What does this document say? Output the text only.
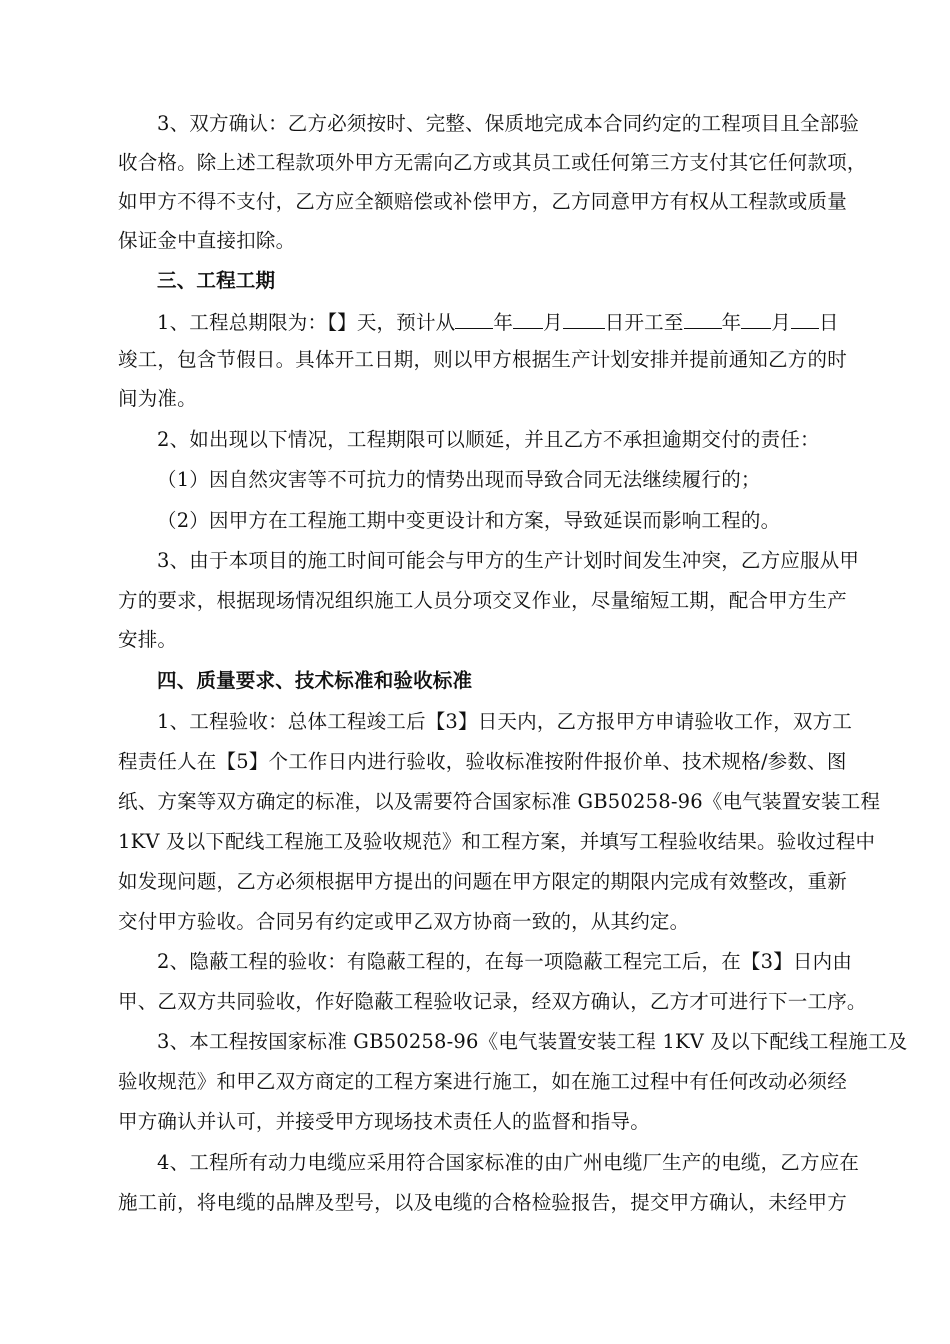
3、双方确认：乙方必须按时、完整、保质地完成本合同约定的工程项目且全部验
收合格。除上述工程款项外甲方无需向乙方或其员工或任何第三方支付其它任何款项，
如甲方不得不支付，乙方应全额赔偿或补偿甲方，乙方同意甲方有权从工程款或质量
保证金中直接扣除。
三、工程工期
1、工程总期限为：【】天，预计从 年 月 日开工至 年 月 日
竣工，包含节假日。具体开工日期，则以甲方根据生产计划安排并提前通知乙方的时
间为准。
2、如出现以下情况，工程期限可以顺延，并且乙方不承担逾期交付的责任：
（1）因自然灾害等不可抗力的情势出现而导致合同无法继续履行的；
（2）因甲方在工程施工期中变更设计和方案，导致延误而影响工程的。
3、由于本项目的施工时间可能会与甲方的生产计划时间发生冲突，乙方应服从甲
方的要求，根据现场情况组织施工人员分项交叉作业，尽量缩短工期，配合甲方生产
安排。
四、质量要求、技术标准和验收标准
1、工程验收：总体工程竣工后【3】日天内，乙方报甲方申请验收工作，双方工
程责任人在【5】个工作日内进行验收，验收标准按附件报价单、技术规格/参数、图
纸、方案等双方确定的标准，以及需要符合国家标准 GB50258-96《电气装置安装工程
1KV 及以下配线工程施工及验收规范》和工程方案，并填写工程验收结果。验收过程中
如发现问题，乙方必须根据甲方提出的问题在甲方限定的期限内完成有效整改，重新
交付甲方验收。合同另有约定或甲乙双方协商一致的，从其约定。
2、隐蔽工程的验收：有隐蔽工程的，在每一项隐蔽工程完工后，在【3】日内由
甲、乙双方共同验收，作好隐蔽工程验收记录，经双方确认，乙方才可进行下一工序。
3、本工程按国家标准 GB50258-96《电气装置安装工程 1KV 及以下配线工程施工及
验收规范》和甲乙双方商定的工程方案进行施工，如在施工过程中有任何改动必须经
甲方确认并认可，并接受甲方现场技术责任人的监督和指导。
4、工程所有动力电缆应采用符合国家标准的由广州电缆厂生产的电缆，乙方应在
施工前，将电缆的品牌及型号，以及电缆的合格检验报告，提交甲方确认，未经甲方
